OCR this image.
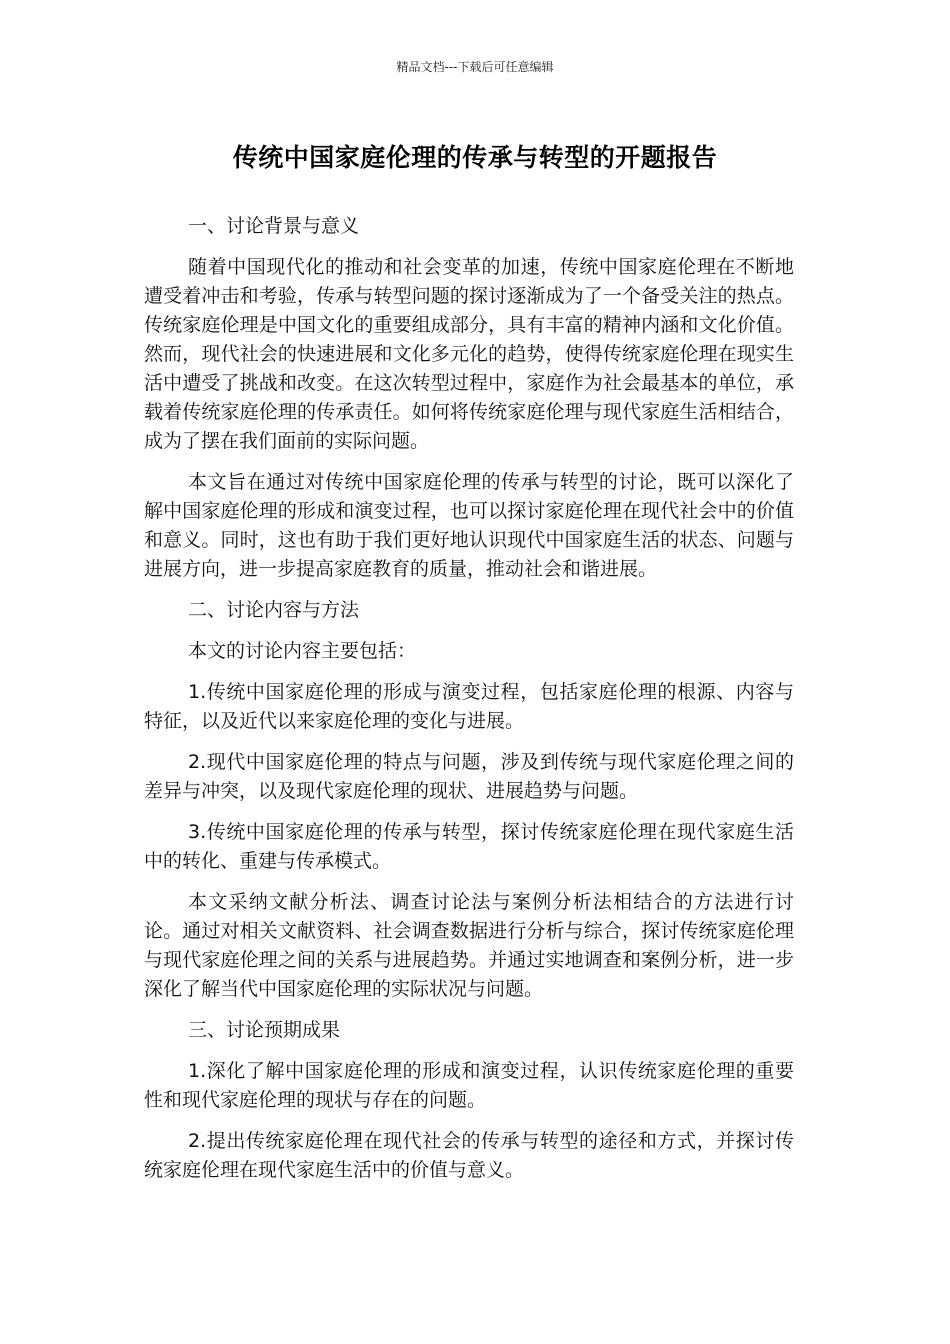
精品文档---下载后可任意编辑
传统中国家庭伦理的传承与转型的开题报告
一、讨论背景与意义

随着中国现代化的推动和社会变革的加速，传统中国家庭伦理在不断地遭受着冲击和考验，传承与转型问题的探讨逐渐成为了一个备受关注的热点。传统家庭伦理是中国文化的重要组成部分，具有丰富的精神内涵和文化价值。然而，现代社会的快速进展和文化多元化的趋势，使得传统家庭伦理在现实生活中遭受了挑战和改变。在这次转型过程中，家庭作为社会最基本的单位，承载着传统家庭伦理的传承责任。如何将传统家庭伦理与现代家庭生活相结合，成为了摆在我们面前的实际问题。

本文旨在通过对传统中国家庭伦理的传承与转型的讨论，既可以深化了解中国家庭伦理的形成和演变过程，也可以探讨家庭伦理在现代社会中的价值和意义。同时，这也有助于我们更好地认识现代中国家庭生活的状态、问题与进展方向，进一步提高家庭教育的质量，推动社会和谐进展。

二、讨论内容与方法

本文的讨论内容主要包括：

1.传统中国家庭伦理的形成与演变过程，包括家庭伦理的根源、内容与特征，以及近代以来家庭伦理的变化与进展。

2.现代中国家庭伦理的特点与问题，涉及到传统与现代家庭伦理之间的差异与冲突，以及现代家庭伦理的现状、进展趋势与问题。

3.传统中国家庭伦理的传承与转型，探讨传统家庭伦理在现代家庭生活中的转化、重建与传承模式。

本文采纳文献分析法、调查讨论法与案例分析法相结合的方法进行讨论。通过对相关文献资料、社会调查数据进行分析与综合，探讨传统家庭伦理与现代家庭伦理之间的关系与进展趋势。并通过实地调查和案例分析，进一步深化了解当代中国家庭伦理的实际状况与问题。

三、讨论预期成果

1.深化了解中国家庭伦理的形成和演变过程，认识传统家庭伦理的重要性和现代家庭伦理的现状与存在的问题。

2.提出传统家庭伦理在现代社会的传承与转型的途径和方式，并探讨传统家庭伦理在现代家庭生活中的价值与意义。
